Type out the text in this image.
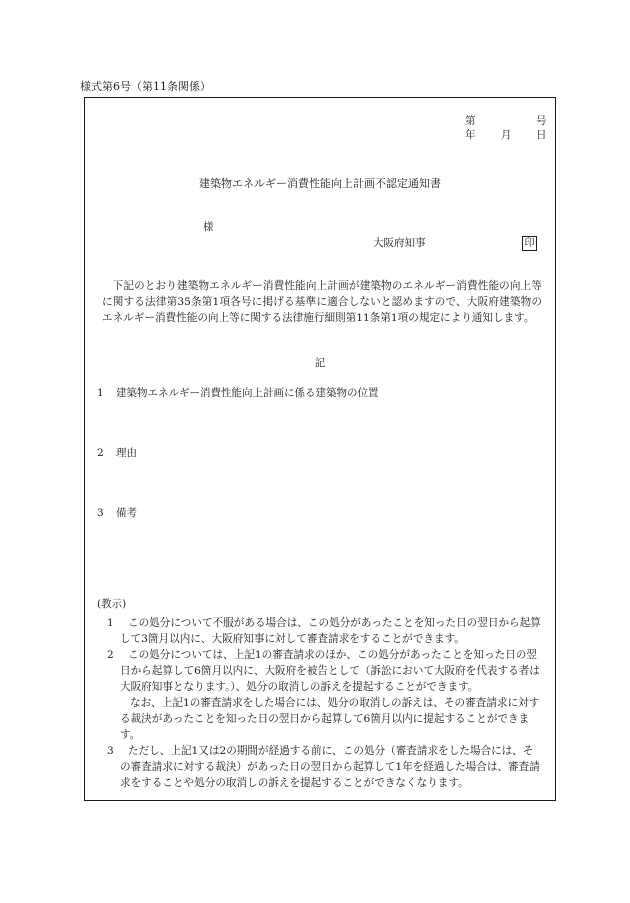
様式第6号（第11条関係）
第	号
年 月 日
建築物エネルギー消費性能向上計画不認定通知書
様
大阪府知事	印
下記のとおり建築物エネルギー消費性能向上計画が建築物のエネルギー消費性能の向上等に関する法律第35条第1項各号に掲げる基準に適合しないと認めますので、大阪府建築物のエネルギー消費性能の向上等に関する法律施行細則第11条第1項の規定により通知します。
記
1 建築物エネルギー消費性能向上計画に係る建築物の位置
2 理由
3 備考
(教示)
1	この処分について不服がある場合は、この処分があったことを知った日の翌日から起算して3箇月以内に、大阪府知事に対して審査請求をすることができます。
2	この処分については、上記1の審査請求のほか、この処分があったことを知った日の翌日から起算して6箇月以内に、大阪府を被告として（訴訟において大阪府を代表する者は大阪府知事となります。）、処分の取消しの訴えを提起することができます。
なお、上記1の審査請求をした場合には、処分の取消しの訴えは、その審査請求に対する裁決があったことを知った日の翌日から起算して6箇月以内に提起することができます。
3	ただし、上記1又は2の期間が経過する前に、この処分（審査請求をした場合には、その審査請求に対する裁決）があった日の翌日から起算して1年を経過した場合は、審査請求をすることや処分の取消しの訴えを提起することができなくなります。
